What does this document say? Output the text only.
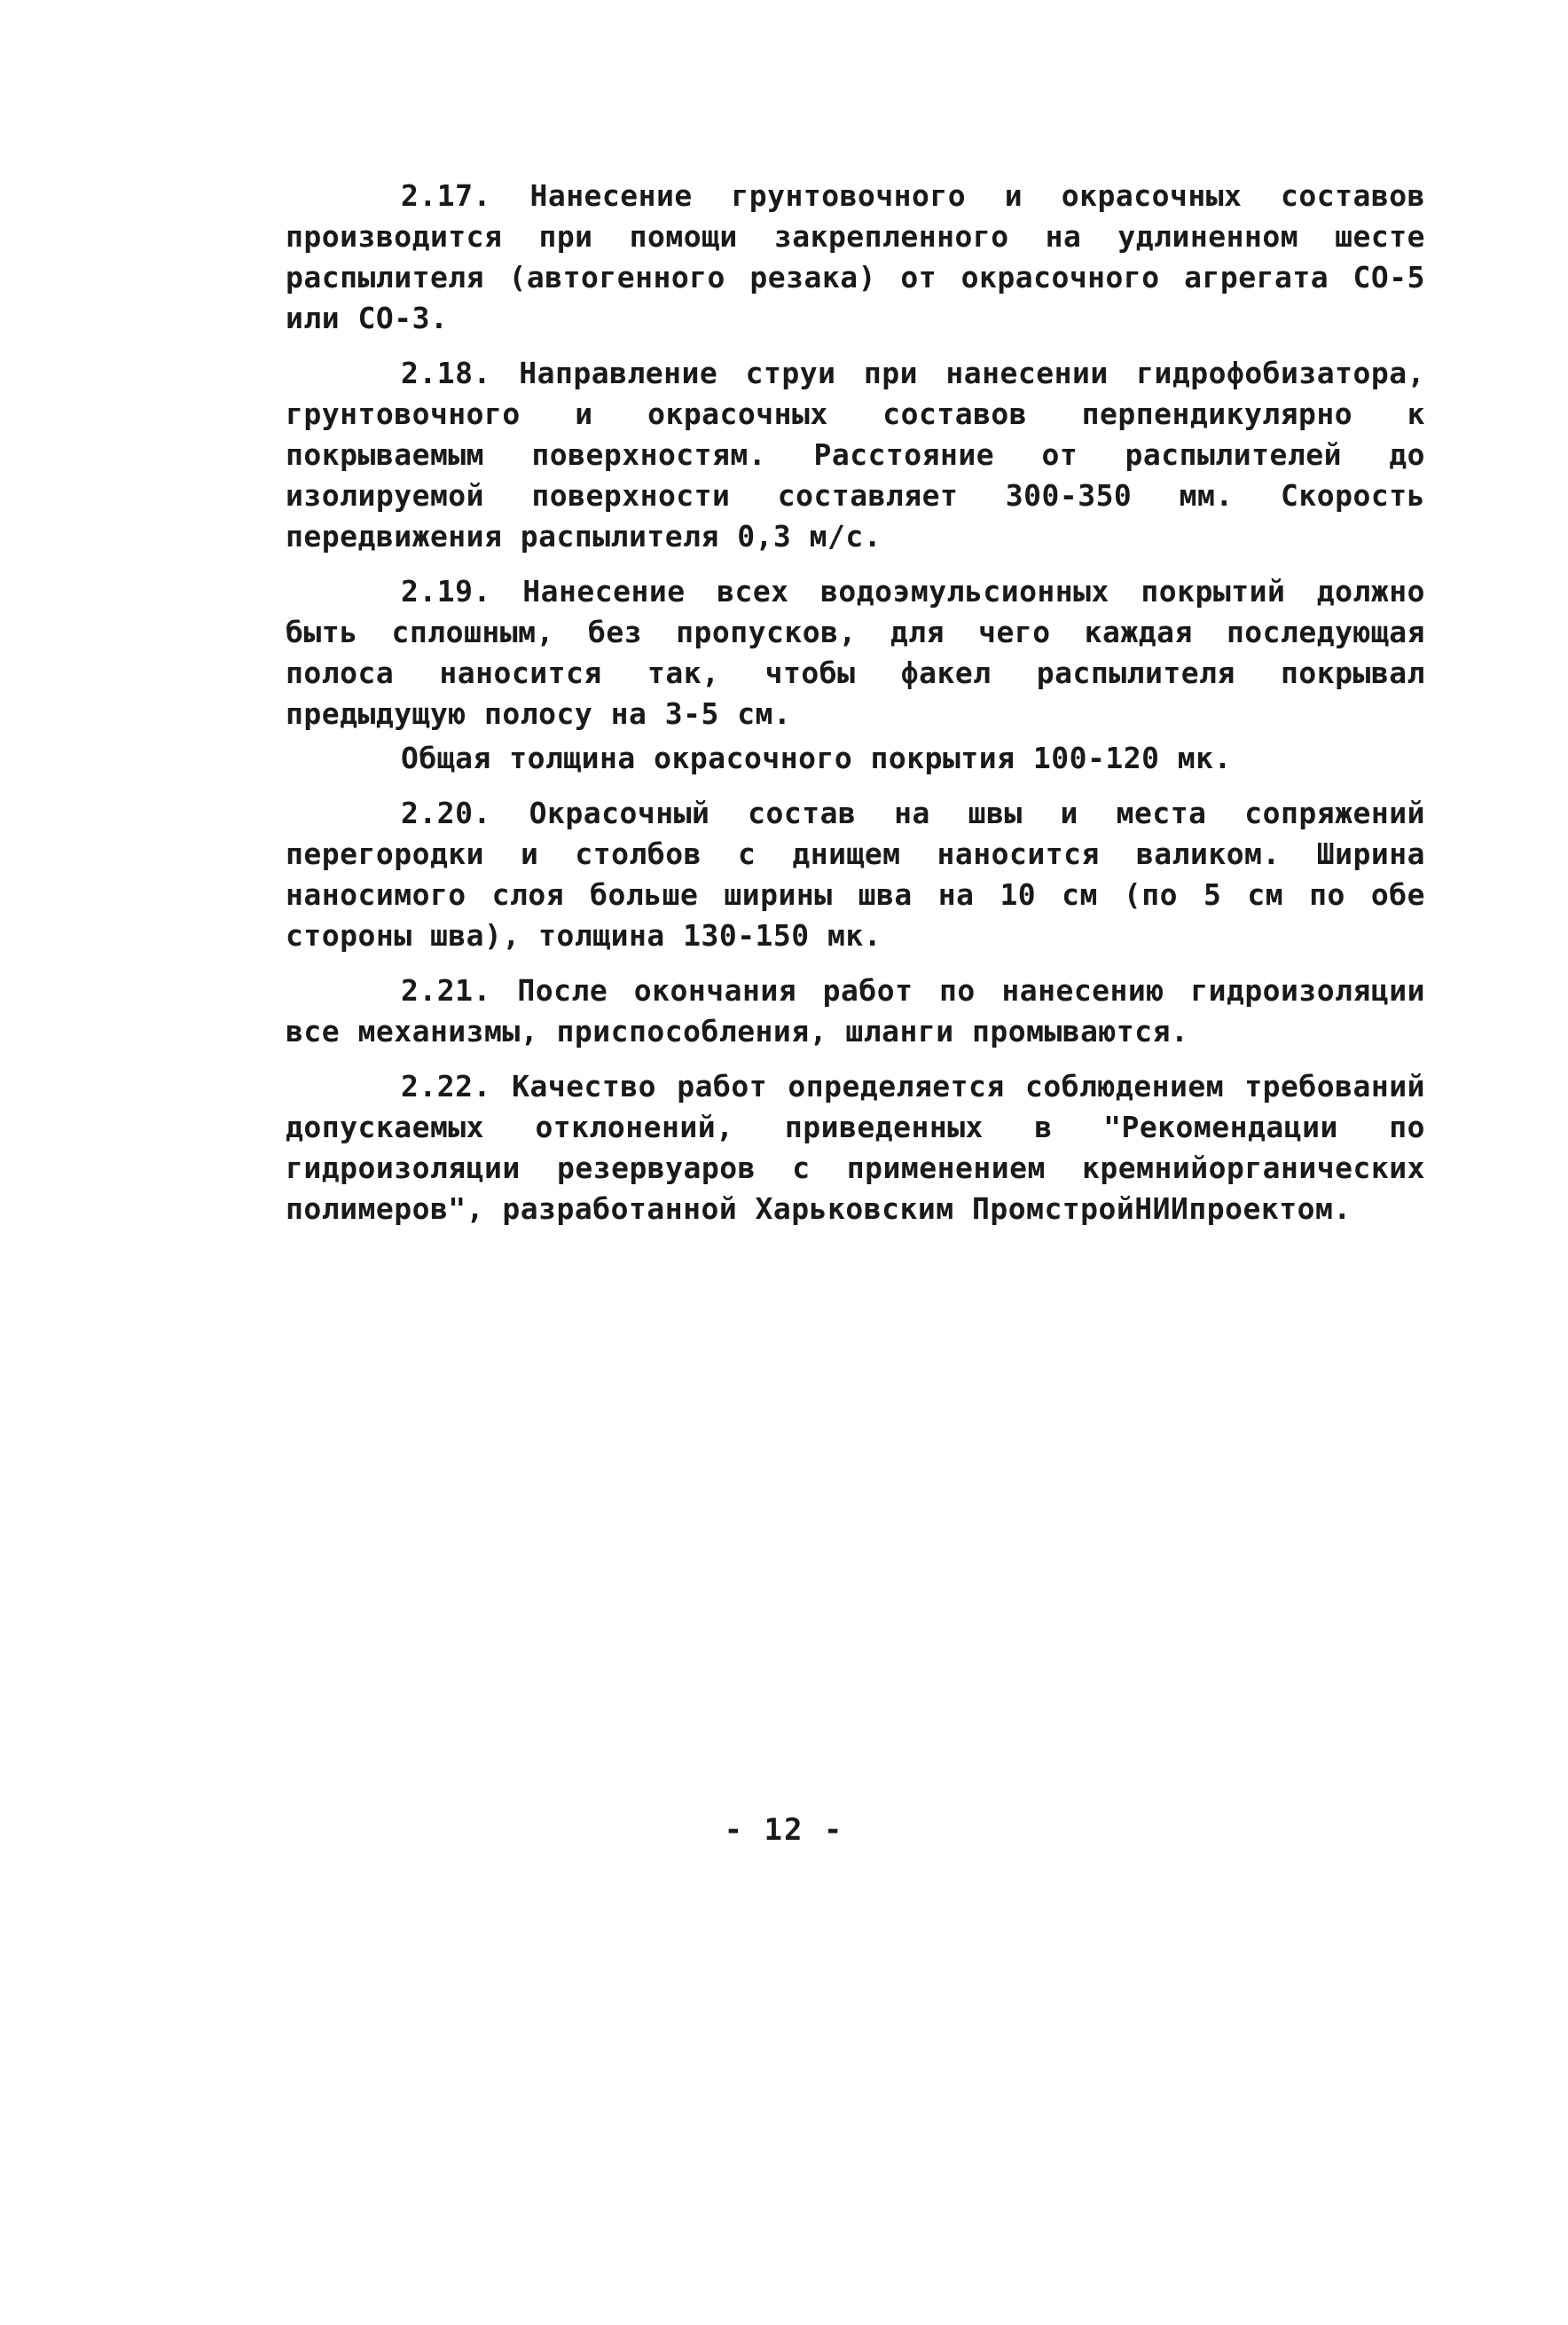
2.17. Нанесение грунтовочного и окрасочных составов производится при помощи закрепленного на удлиненном шесте распылителя (автогенного резака) от окрасочного агрегата СО-5 или СО-3.

2.18. Направление струи при нанесении гидрофобизатора, грунтовочного и окрасочных составов перпендикулярно к покрываемым поверхностям. Расстояние от распылителей до изолируемой поверхности составляет 300-350 мм. Скорость передвижения распылителя 0,3 м/с.

2.19. Нанесение всех водоэмульсионных покрытий должно быть сплошным, без пропусков, для чего каждая последующая полоса наносится так, чтобы факел распылителя покрывал предыдущую полосу на 3-5 см.

Общая толщина окрасочного покрытия 100-120 мк.

2.20. Окрасочный состав на швы и места сопряжений перегородки и столбов с днищем наносится валиком. Ширина наносимого слоя больше ширины шва на 10 см (по 5 см по обе стороны шва), толщина 130-150 мк.

2.21. После окончания работ по нанесению гидроизоляции все механизмы, приспособления, шланги промываются.

2.22. Качество работ определяется соблюдением требований допускаемых отклонений, приведенных в "Рекомендации по гидроизоляции резервуаров с применением кремнийорганических полимеров", разработанной Харьковским ПромстройНИИпроектом.

- 12 -
